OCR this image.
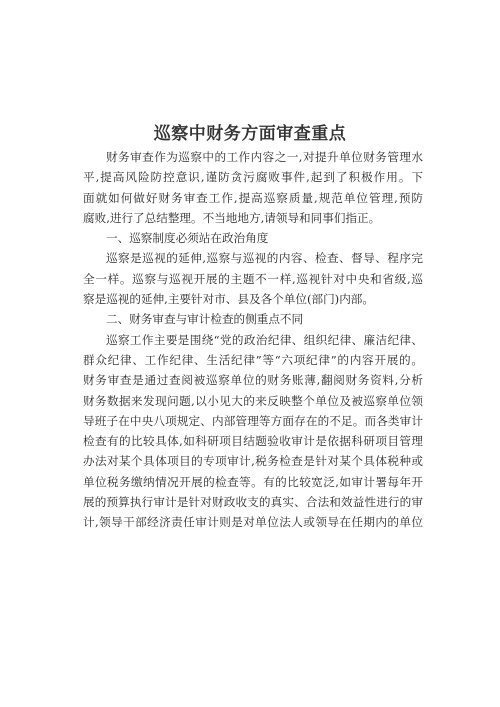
巡察中财务方面审查重点

财务审查作为巡察中的工作内容之一,对提升单位财务管理水
平,提高风险防控意识,谨防贪污腐败事件,起到了积极作用。下
面就如何做好财务审查工作,提高巡察质量,规范单位管理,预防
腐败,进行了总结整理。不当地地方,请领导和同事们指正。

一、巡察制度必须站在政治角度

巡察是巡视的延伸,巡察与巡视的内容、检查、督导、程序完
全一样。巡察与巡视开展的主题不一样,巡视针对中央和省级,巡
察是巡视的延伸,主要针对市、县及各个单位(部门)内部。

二、财务审查与审计检查的侧重点不同

巡察工作主要是围绕“党的政治纪律、组织纪律、廉洁纪律、
群众纪律、工作纪律、生活纪律”等“六项纪律”的内容开展的。
财务审查是通过查阅被巡察单位的财务账薄,翻阅财务资料,分析
财务数据来发现问题,以小见大的来反映整个单位及被巡察单位领
导班子在中央八项规定、内部管理等方面存在的不足。而各类审计
检查有的比较具体,如科研项目结题验收审计是依据科研项目管理
办法对某个具体项目的专项审计,税务检查是针对某个具体税种或
单位税务缴纳情况开展的检查等。有的比较宽泛,如审计署每年开
展的预算执行审计是针对财政收支的真实、合法和效益性进行的审
计,领导干部经济责任审计则是对单位法人或领导在任期内的单位
